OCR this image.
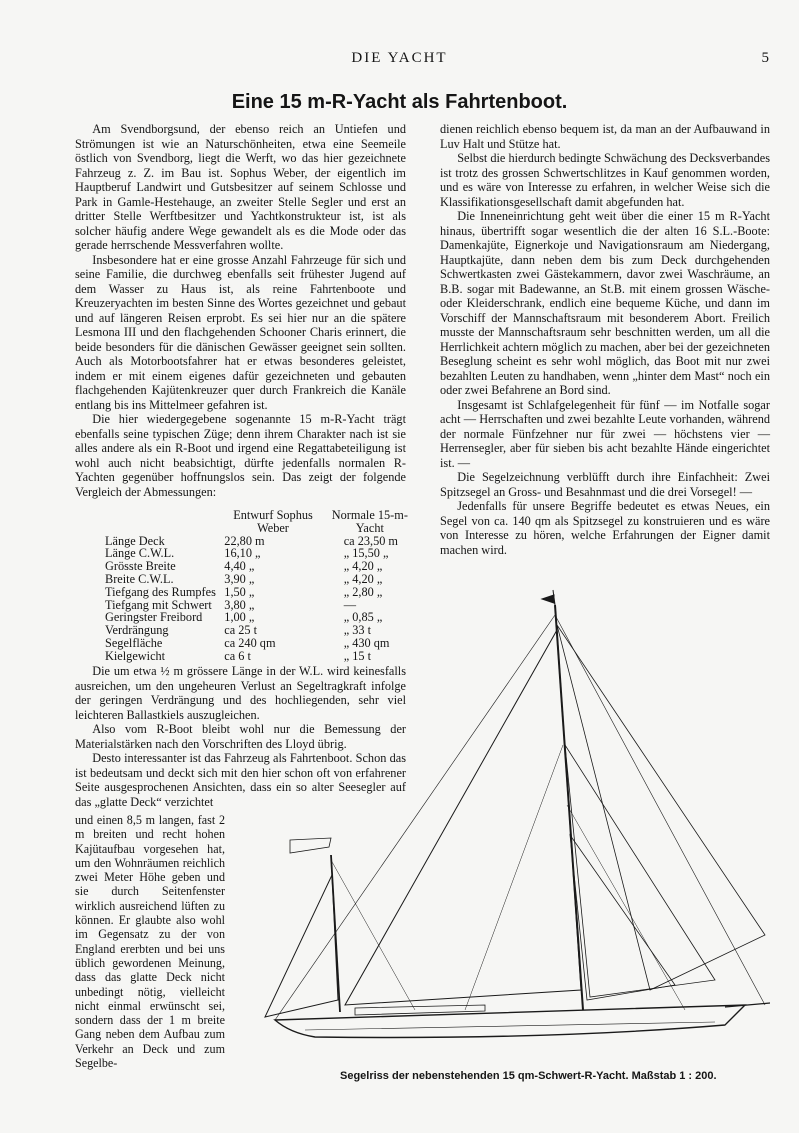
DIE YACHT	5
Eine 15 m-R-Yacht als Fahrtenboot.

Am Svendborgsund, der ebenso reich an Untiefen und Strömungen ist wie an Naturschönheiten, etwa eine Seemeile östlich von Svendborg, liegt die Werft, wo das hier gezeichnete Fahrzeug z. Z. im Bau ist. Sophus Weber, der eigentlich im Hauptberuf Landwirt und Gutsbesitzer auf seinem Schlosse und Park in Gamle-Hestehauge, an zweiter Stelle Segler und erst an dritter Stelle Werftbesitzer und Yachtkonstrukteur ist, ist als solcher häufig andere Wege gewandelt als es die Mode oder das gerade herrschende Messverfahren wollte.

Insbesondere hat er eine grosse Anzahl Fahrzeuge für sich und seine Familie, die durchweg ebenfalls seit frühester Jugend auf dem Wasser zu Haus ist, als reine Fahrtenboote und Kreuzeryachten im besten Sinne des Wortes gezeichnet und gebaut und auf längeren Reisen erprobt. Es sei hier nur an die spätere Lesmona III und den flachgehenden Schooner Charis erinnert, die beide besonders für die dänischen Gewässer geeignet sein sollten. Auch als Motorbootsfahrer hat er etwas besonderes geleistet, indem er mit einem eigenes dafür gezeichneten und gebauten flachgehenden Kajütenkreuzer quer durch Frankreich die Kanäle entlang bis ins Mittelmeer gefahren ist.

Die hier wiedergegebene sogenannte 15 m-R-Yacht trägt ebenfalls seine typischen Züge; denn ihrem Charakter nach ist sie alles andere als ein R-Boot und irgend eine Regattabeteiligung ist wohl auch nicht beabsichtigt, dürfte jedenfalls normalen R-Yachten gegenüber hoffnungslos sein. Das zeigt der folgende Vergleich der Abmessungen:

Die um etwa ½ m grössere Länge in der W.L. wird keinesfalls ausreichen, um den ungeheuren Verlust an Segeltragkraft infolge der geringen Verdrängung und des hochliegenden, sehr viel leichteren Ballastkiels auszugleichen.

Also vom R-Boot bleibt wohl nur die Bemessung der Materialstärken nach den Vorschriften des Lloyd übrig.

Desto interessanter ist das Fahrzeug als Fahrtenboot. Schon das ist bedeutsam und deckt sich mit den hier schon oft von erfahrener Seite ausgesprochenen Ansichten, dass ein so alter Seesegler auf das „glatte Deck“ verzichtet

	Entwurf Sophus Weber	Normale 15-m-Yacht
Länge Deck	22,80 m	ca 23,50 m
Länge C.W.L.	16,10 „	„ 15,50 „
Grösste Breite	4,40 „	„ 4,20 „
Breite C.W.L.	3,90 „	„ 4,20 „
Tiefgang des Rumpfes	1,50 „	„ 2,80 „
Tiefgang mit Schwert	3,80 „	—
Geringster Freibord	1,00 „	„ 0,85 „
Verdrängung	ca 25 t	„ 33 t
Segelfläche	ca 240 qm	„ 430 qm
Kielgewicht	ca 6 t	„ 15 t

und einen 8,5 m langen, fast 2 m breiten und recht hohen Kajütaufbau vorgesehen hat, um den Wohnräumen reichlich zwei Meter Höhe geben und sie durch Seitenfenster wirklich ausreichend lüften zu können. Er glaubte also wohl im Gegensatz zu der von England ererbten und bei uns üblich gewordenen Meinung, dass das glatte Deck nicht unbedingt nötig, vielleicht nicht einmal erwünscht sei, sondern dass der 1 m breite Gang neben dem Aufbau zum Verkehr an Deck und zum Segelbe-

dienen reichlich ebenso bequem ist, da man an der Aufbauwand in Luv Halt und Stütze hat.

Selbst die hierdurch bedingte Schwächung des Decksverbandes ist trotz des grossen Schwertschlitzes in Kauf genommen worden, und es wäre von Interesse zu erfahren, in welcher Weise sich die Klassifikationsgesellschaft damit abgefunden hat.

Die Inneneinrichtung geht weit über die einer 15 m R-Yacht hinaus, übertrifft sogar wesentlich die der alten 16 S.L.-Boote: Damenkajüte, Eignerkoje und Navigationsraum am Niedergang, Hauptkajüte, dann neben dem bis zum Deck durchgehenden Schwertkasten zwei Gästekammern, davor zwei Waschräume, an B.B. sogar mit Badewanne, an St.B. mit einem grossen Wäsche- oder Kleiderschrank, endlich eine bequeme Küche, und dann im Vorschiff der Mannschaftsraum mit besonderem Abort. Freilich musste der Mannschaftsraum sehr beschnitten werden, um all die Herrlichkeit achtern möglich zu machen, aber bei der gezeichneten Beseglung scheint es sehr wohl möglich, das Boot mit nur zwei bezahlten Leuten zu handhaben, wenn „hinter dem Mast“ noch ein oder zwei Befahrene an Bord sind.

Insgesamt ist Schlafgelegenheit für fünf — im Notfalle sogar acht — Herrschaften und zwei bezahlte Leute vorhanden, während der normale Fünfzehner nur für zwei — höchstens vier — Herrensegler, aber für sieben bis acht bezahlte Hände eingerichtet ist. —

Die Segelzeichnung verblüfft durch ihre Einfachheit: Zwei Spitzsegel an Gross- und Besahnmast und die drei Vorsegel! —

Jedenfalls für unsere Begriffe bedeutet es etwas Neues, ein Segel von ca. 140 qm als Spitzsegel zu konstruieren und es wäre von Interesse zu hören, welche Erfahrungen der Eigner damit machen wird.

Segelriss der nebenstehenden 15 qm-Schwert-R-Yacht. Maßstab 1 : 200.
